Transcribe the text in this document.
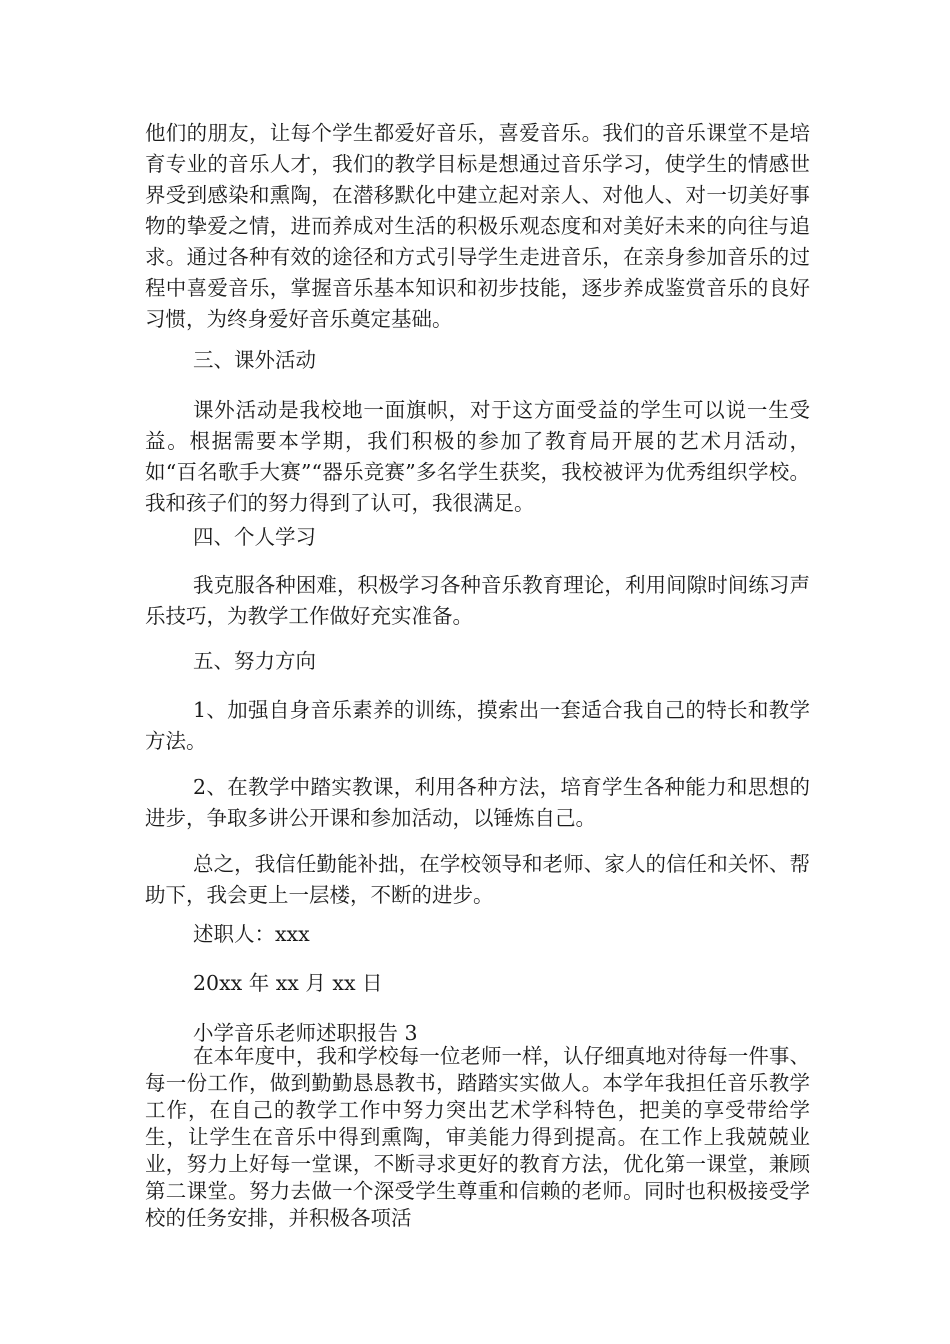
他们的朋友，让每个学生都爱好音乐，喜爱音乐。我们的音乐课堂不是培育专业的音乐人才，我们的教学目标是想通过音乐学习，使学生的情感世界受到感染和熏陶，在潜移默化中建立起对亲人、对他人、对一切美好事物的挚爱之情，进而养成对生活的积极乐观态度和对美好未来的向往与追求。通过各种有效的途径和方式引导学生走进音乐，在亲身参加音乐的过程中喜爱音乐，掌握音乐基本知识和初步技能，逐步养成鉴赏音乐的良好习惯，为终身爱好音乐奠定基础。
三、课外活动
课外活动是我校地一面旗帜，对于这方面受益的学生可以说一生受益。根据需要本学期，我们积极的参加了教育局开展的艺术月活动，如“百名歌手大赛”“器乐竞赛”多名学生获奖，我校被评为优秀组织学校。我和孩子们的努力得到了认可，我很满足。
四、个人学习
我克服各种困难，积极学习各种音乐教育理论，利用间隙时间练习声乐技巧，为教学工作做好充实准备。
五、努力方向
1、加强自身音乐素养的训练，摸索出一套适合我自己的特长和教学方法。
2、在教学中踏实教课，利用各种方法，培育学生各种能力和思想的进步，争取多讲公开课和参加活动，以锤炼自己。
总之，我信任勤能补拙，在学校领导和老师、家人的信任和关怀、帮助下，我会更上一层楼，不断的进步。
述职人：xxx
20xx 年 xx 月 xx 日
小学音乐老师述职报告 3
在本年度中，我和学校每一位老师一样，认仔细真地对待每一件事、每一份工作，做到勤勤恳恳教书，踏踏实实做人。本学年我担任音乐教学工作，在自己的教学工作中努力突出艺术学科特色，把美的享受带给学生，让学生在音乐中得到熏陶，审美能力得到提高。在工作上我兢兢业业，努力上好每一堂课，不断寻求更好的教育方法，优化第一课堂，兼顾第二课堂。努力去做一个深受学生尊重和信赖的老师。同时也积极接受学校的任务安排，并积极各项活
